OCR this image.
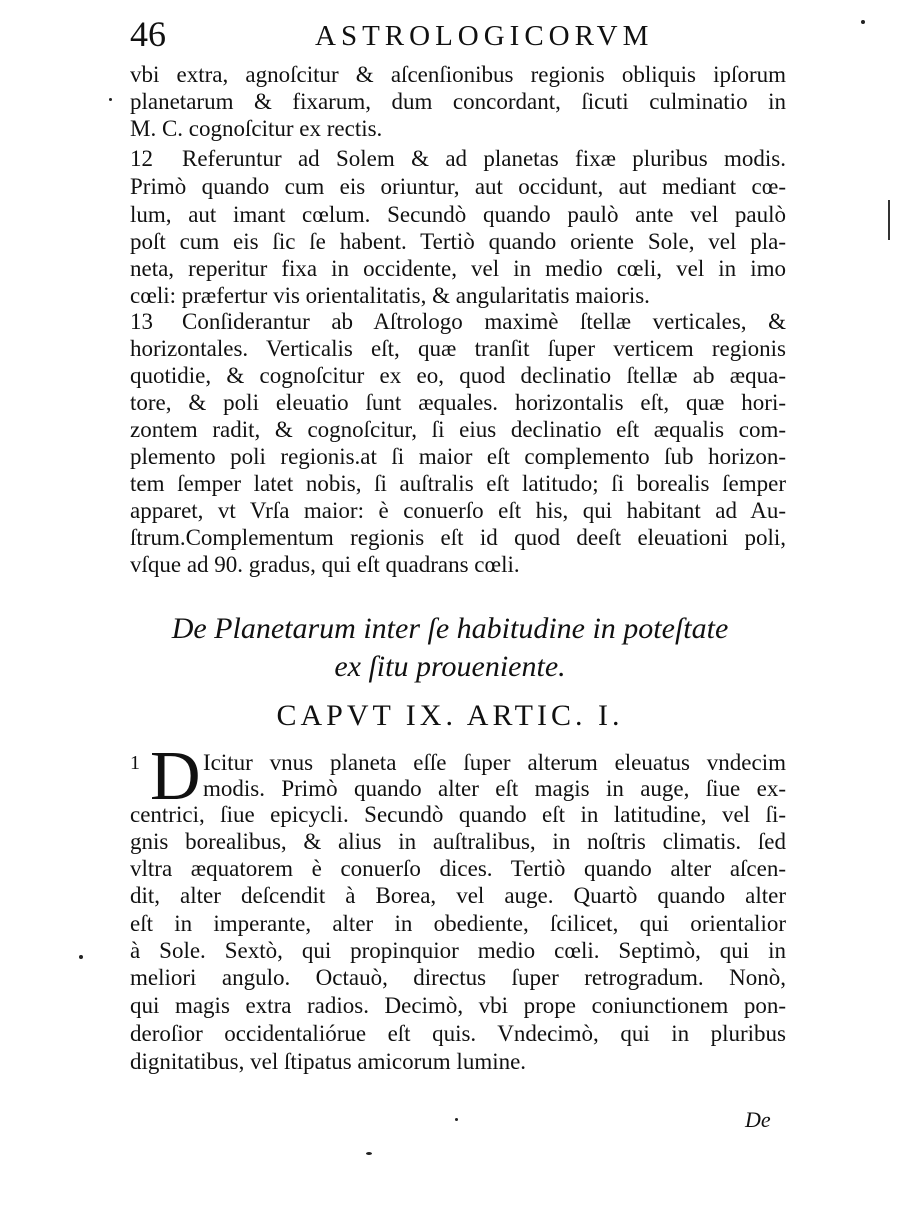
46	ASTROLOGICORVM
vbi extra, agnoſcitur & aſcenſionibus regionis obliquis ipſorum
planetarum & fixarum, dum concordant, ſicuti culminatio in
M. C. cognoſcitur ex rectis.
12 Referuntur ad Solem & ad planetas fixæ pluribus modis.
Primò quando cum eis oriuntur, aut occidunt, aut mediant cœ-
lum, aut imant cœlum. Secundò quando paulò ante vel paulò
poſt cum eis ſic ſe habent. Tertiò quando oriente Sole, vel pla-
neta, reperitur fixa in occidente, vel in medio cœli, vel in imo
cœli: præfertur vis orientalitatis, & angularitatis maioris.
13 Conſiderantur ab Aſtrologo maximè ſtellæ verticales, &
horizontales. Verticalis eſt, quæ tranſit ſuper verticem regionis
quotidie, & cognoſcitur ex eo, quod declinatio ſtellæ ab æqua-
tore, & poli eleuatio ſunt æquales. horizontalis eſt, quæ hori-
zontem radit, & cognoſcitur, ſi eius declinatio eſt æqualis com-
plemento poli regionis.at ſi maior eſt complemento ſub horizon-
tem ſemper latet nobis, ſi auſtralis eſt latitudo; ſi borealis ſemper
apparet, vt Vrſa maior: è conuerſo eſt his, qui habitant ad Au-
ſtrum.Complementum regionis eſt id quod deeſt eleuationi poli,
vſque ad 90. gradus, qui eſt quadrans cœli.
De Planetarum inter ſe habitudine in poteſtate
ex ſitu proueniente.
CAPVT IX. ARTIC. I.
1 D Icitur vnus planeta eſſe ſuper alterum eleuatus vndecim
modis. Primò quando alter eſt magis in auge, ſiue ex-
centrici, ſiue epicycli. Secundò quando eſt in latitudine, vel ſi-
gnis borealibus, & alius in auſtralibus, in noſtris climatis. ſed
vltra æquatorem è conuerſo dices. Tertiò quando alter aſcen-
dit, alter deſcendit à Borea, vel auge. Quartò quando alter
eſt in imperante, alter in obediente, ſcilicet, qui orientalior
à Sole. Sextò, qui propinquior medio cœli. Septimò, qui in
meliori angulo. Octauò, directus ſuper retrogradum. Nonò,
qui magis extra radios. Decimò, vbi prope coniunctionem pon-
deroſior occidentaliórue eſt quis. Vndecimò, qui in pluribus
dignitatibus, vel ſtipatus amicorum lumine.
De
